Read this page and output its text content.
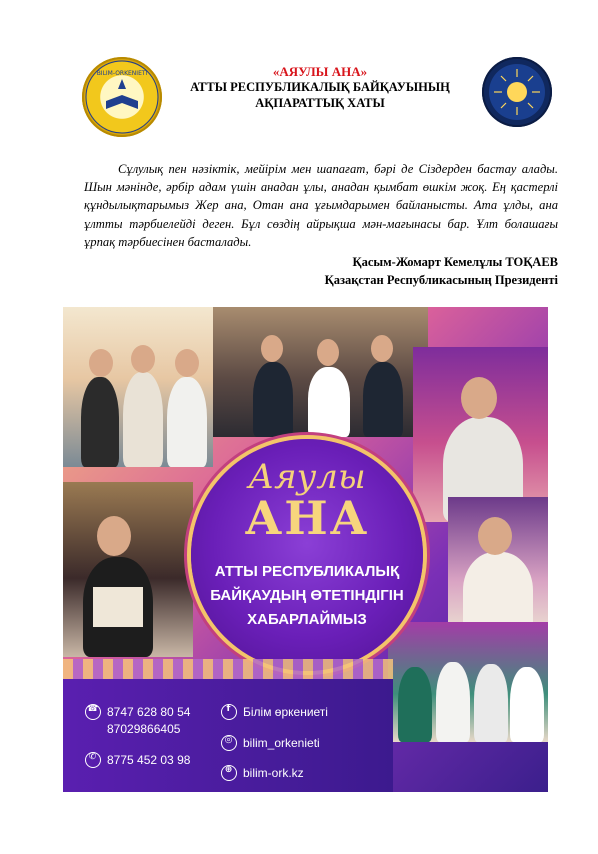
BILIM-ORKENIETI	«АЯУЛЫ АНА»
АТТЫ РЕСПУБЛИКАЛЫҚ БАЙҚАУЫНЫҢ
АҚПАРАТТЫҚ ХАТЫ
Сұлулық пен нәзіктік, мейірім мен шапағат, бәрі де Сіздерден бастау алады. Шын мәнінде, әрбір адам үшін анадан ұлы, анадан қымбат өшкім жоқ. Ең қастерлі құндылықтарымыз Жер ана, Отан ана ұғымдарымен байланысты. Ата ұлды, ана ұлтты тәрбиелейді деген. Бұл сөздің айрықша мән-мағынасы бар. Ұлт болашағы ұрпақ тәрбиесінен басталады.
Қасым-Жомарт Кемелұлы ТОҚАЕВ
Қазақстан Республикасының Президенті
Аяулы
АНА
АТТЫ РЕСПУБЛИКАЛЫҚ
БАЙҚАУДЫҢ ӨТЕТІНДІГІН
ХАБАРЛАЙМЫЗ
☎
8747 628 80 54
87029866405
✆
8775 452 03 98
f
Білім өркениеті
◎
bilim_orkenieti
⊕
bilim-ork.kz
